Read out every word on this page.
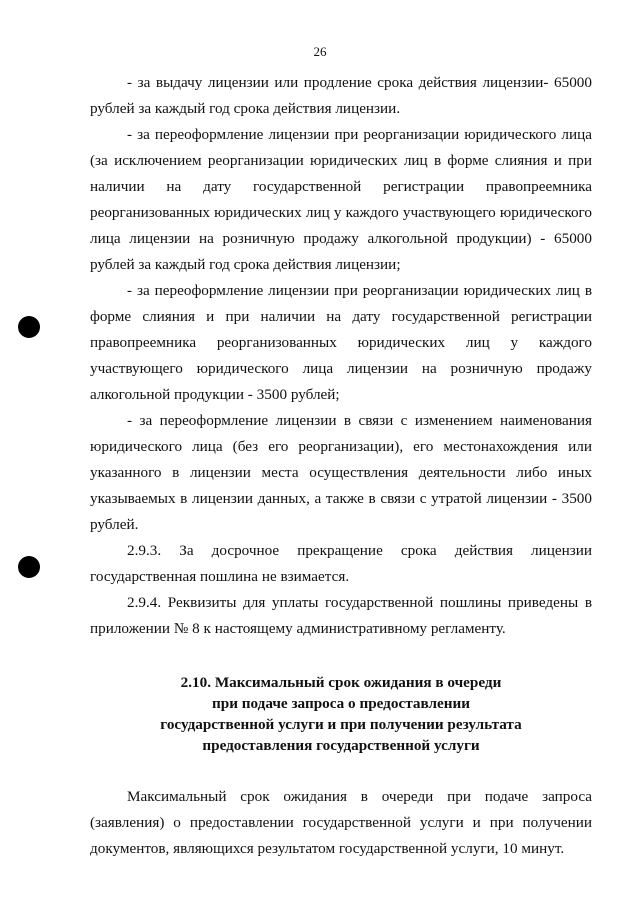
26

- за выдачу лицензии или продление срока действия лицензии- 65000 рублей за каждый год срока действия лицензии.

- за переоформление лицензии при реорганизации юридического лица (за исключением реорганизации юридических лиц в форме слияния и при наличии на дату государственной регистрации правопреемника реорганизованных юридических лиц у каждого участвующего юридического лица лицензии на розничную продажу алкогольной продукции) - 65000 рублей за каждый год срока действия лицензии;

- за переоформление лицензии при реорганизации юридических лиц в форме слияния и при наличии на дату государственной регистрации правопреемника реорганизованных юридических лиц у каждого участвующего юридического лица лицензии на розничную продажу алкогольной продукции - 3500 рублей;

- за переоформление лицензии в связи с изменением наименования юридического лица (без его реорганизации), его местонахождения или указанного в лицензии места осуществления деятельности либо иных указываемых в лицензии данных, а также в связи с утратой лицензии - 3500 рублей.

2.9.3. За досрочное прекращение срока действия лицензии государственная пошлина не взимается.

2.9.4. Реквизиты для уплаты государственной пошлины приведены в приложении № 8 к настоящему административному регламенту.

2.10. Максимальный срок ожидания в очереди
при подаче запроса о предоставлении
государственной услуги и при получении результата
предоставления государственной услуги

Максимальный срок ожидания в очереди при подаче запроса (заявления) о предоставлении государственной услуги и при получении документов, являющихся результатом государственной услуги, 10 минут.
